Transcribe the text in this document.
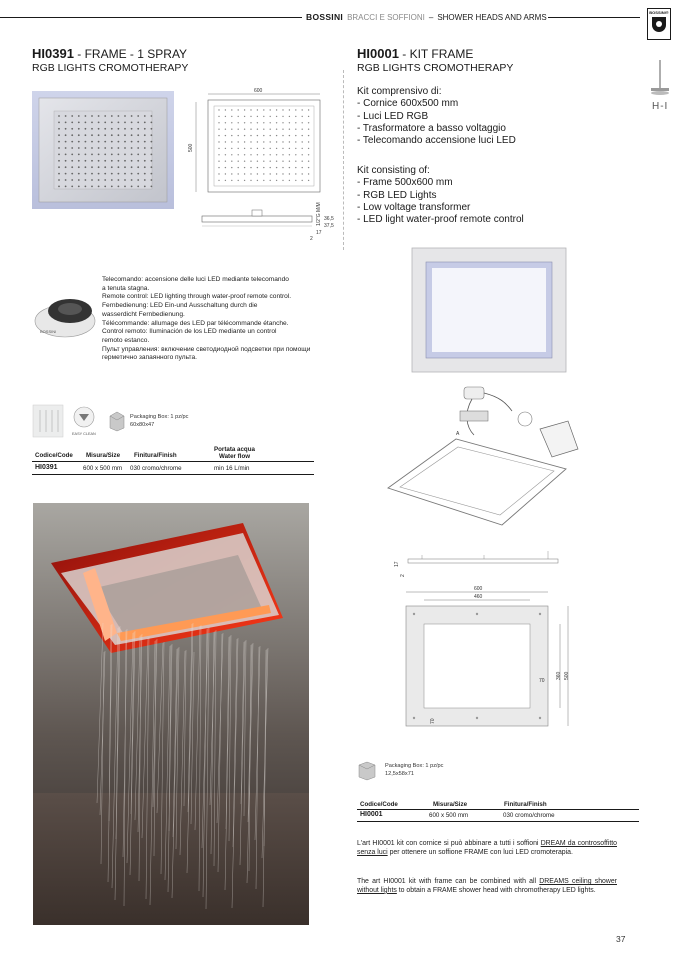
BOSSINI BRACCI E SOFFIONI – SHOWER HEADS AND ARMS
BOSSINI®
H-I
HI0391 - FRAME - 1 SPRAY
RGB LIGHTS CROMOTHERAPY
HI0001 - KIT FRAME
RGB LIGHTS CROMOTHERAPY
600
500
1/2"G M/M 36,5
37,5
17
2
Kit comprensivo di:
- Cornice 600x500 mm
- Luci LED RGB
- Trasformatore a basso voltaggio
- Telecomando accensione luci LED
Kit consisting of:
- Frame 500x600 mm
- RGB LED Lights
- Low voltage transformer
- LED light water-proof remote control
BOSSINI
Telecomando: accensione delle luci LED mediante telecomando
a tenuta stagna.
Remote control: LED lighting through water-proof remote control.
Fernbedienung: LED Ein-und Ausschaltung durch die
wasserdicht Fernbedienung.
Télécommande: allumage des LED par télécommande étanche.
Control remoto: Iluminación de los LED mediante un control
remoto estanco.
Пульт управления: включение светодиодной подсветки при помощи
герметично запаянного пульта.
EASY CLEAN
Packaging Box: 1 pz/pc
60x80x47
Codice/Code Misura/Size Finitura/Finish
Portata acqua
Water flow
HI0391	600 x 500 mm 030 cromo/chrome	min 16 L/min
A
17
2
600
460
360 500
70
70
Packaging Box: 1 pz/pc
12,5x58x71
Codice/Code	Misura/Size	Finitura/Finish
HI0001	600 x 500 mm	030 cromo/chrome
L'art HI0001 kit con cornice si può abbinare a tutti i soffioni DREAM da controsoffitto senza luci per ottenere un soffione FRAME con luci LED cromoterapia.
The art HI0001 kit with frame can be combined with all DREAMS ceiling shower without lights to obtain a FRAME shower head with chromotherapy LED lights.
37
